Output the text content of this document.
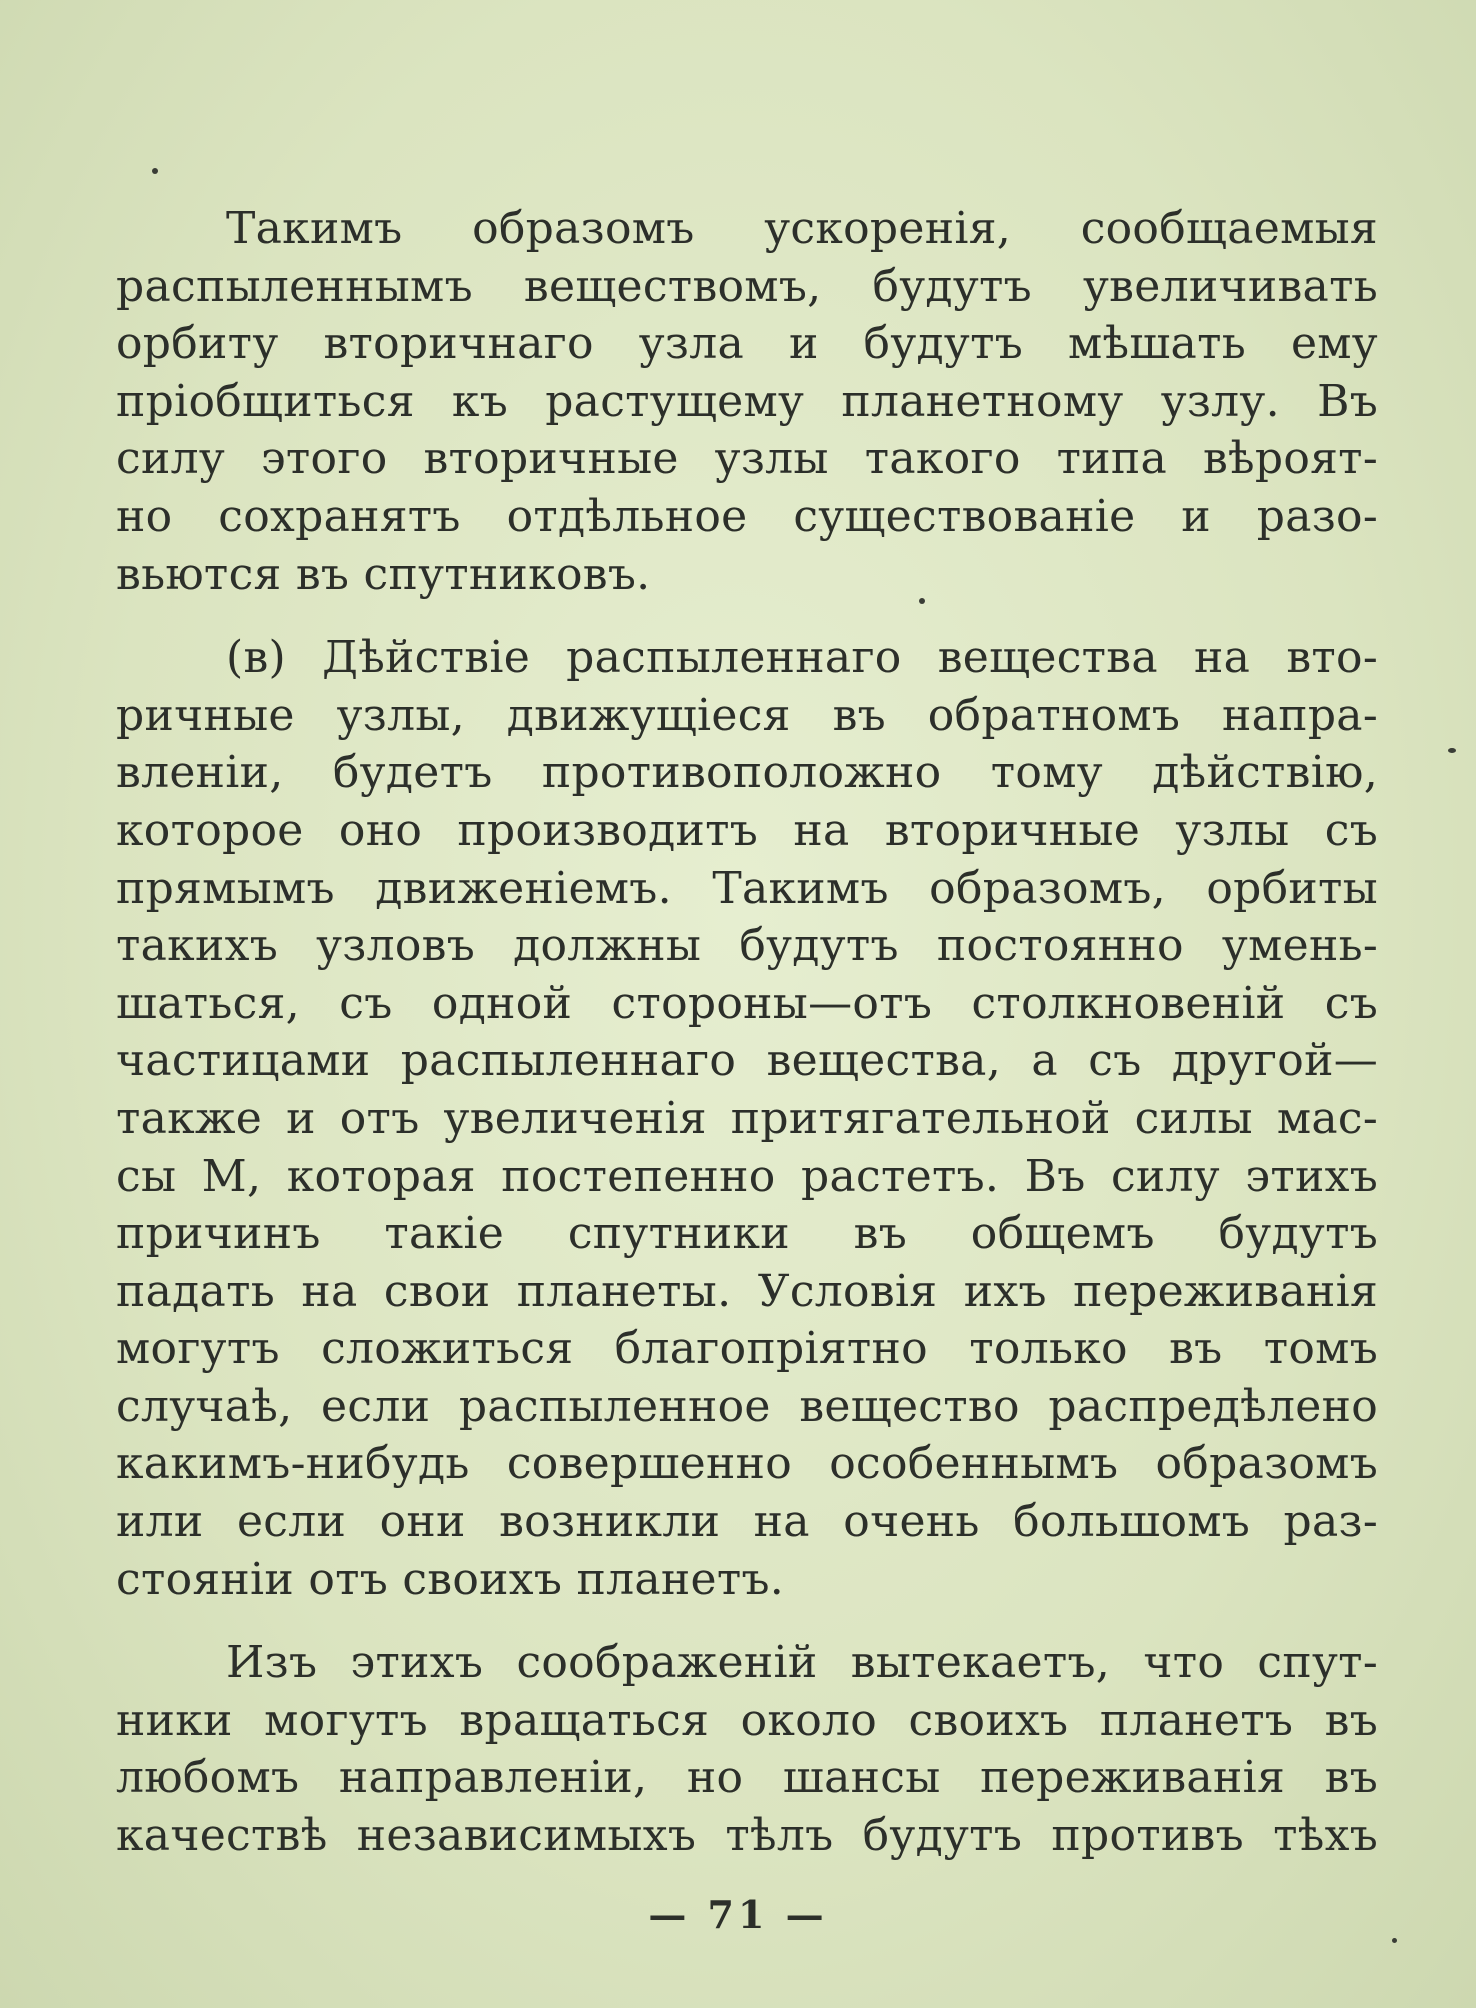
Такимъ образомъ ускоренія, сообщаемыя
распыленнымъ веществомъ, будутъ увеличивать
орбиту вторичнаго узла и будутъ мѣшать ему
пріобщиться къ растущему планетному узлу. Въ
силу этого вторичные узлы такого типа вѣроят-
но сохранятъ отдѣльное существованіе и разо-
вьются въ спутниковъ.
(в) Дѣйствіе распыленнаго вещества на вто-
ричные узлы, движущіеся въ обратномъ напра-
вленіи, будетъ противоположно тому дѣйствію,
которое оно производитъ на вторичные узлы съ
прямымъ движеніемъ. Такимъ образомъ, орбиты
такихъ узловъ должны будутъ постоянно умень-
шаться, съ одной стороны—отъ столкновеній съ
частицами распыленнаго вещества, а съ другой—
также и отъ увеличенія притягательной силы мас-
сы M, которая постепенно растетъ. Въ силу этихъ
причинъ такіе спутники въ общемъ будутъ
падать на свои планеты. Условія ихъ переживанія
могутъ сложиться благопріятно только въ томъ
случаѣ, если распыленное вещество распредѣлено
какимъ-нибудь совершенно особеннымъ образомъ
или если они возникли на очень большомъ раз-
стояніи отъ своихъ планетъ.
Изъ этихъ соображеній вытекаетъ, что спут-
ники могутъ вращаться около своихъ планетъ въ
любомъ направленіи, но шансы переживанія въ
качествѣ независимыхъ тѣлъ будутъ противъ тѣхъ
— 71 —
